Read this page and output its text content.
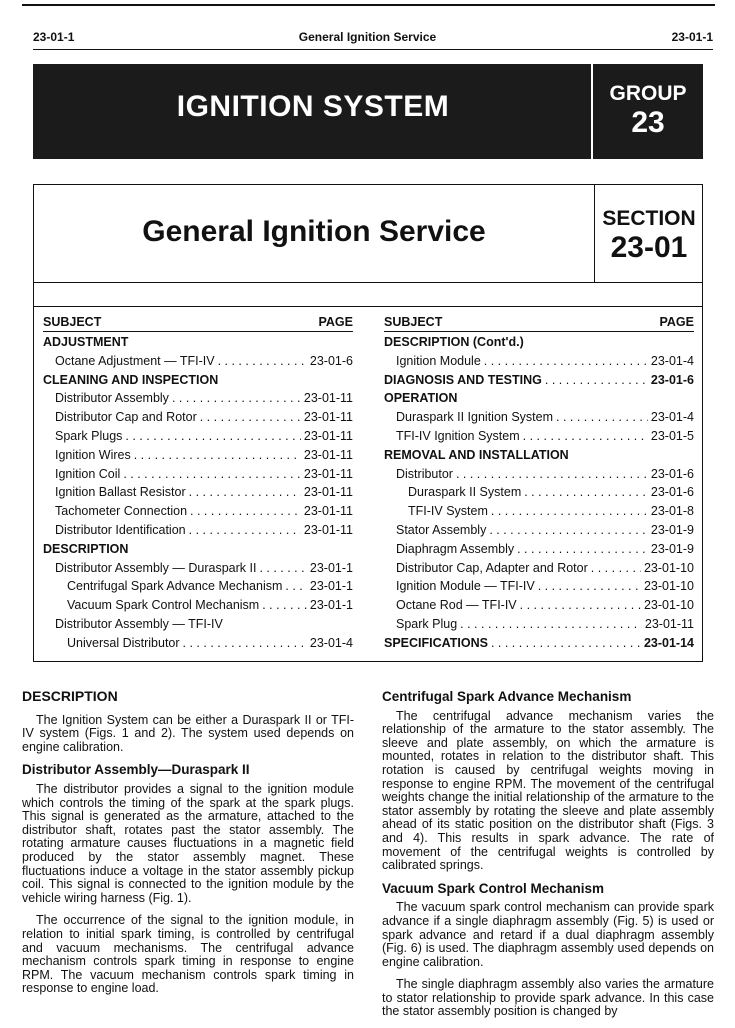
23-01-1	General Ignition Service	23-01-1
IGNITION SYSTEM	GROUP
23
General Ignition Service	SECTION
23-01
SUBJECT	PAGE
ADJUSTMENT
Octane Adjustment — TFI-IV . . .	23-01-6
CLEANING AND INSPECTION
Distributor Assembly . . .	23-01-11
Distributor Cap and Rotor . . .	23-01-11
Spark Plugs . . .	23-01-11
Ignition Wires . . .	23-01-11
Ignition Coil . . .	23-01-11
Ignition Ballast Resistor . . .	23-01-11
Tachometer Connection . . .	23-01-11
Distributor Identification . . .	23-01-11
DESCRIPTION
Distributor Assembly — Duraspark II . . .	23-01-1
Centrifugal Spark Advance Mechanism . . . 23-01-1
Vacuum Spark Control Mechanism . . .	23-01-1
Distributor Assembly — TFI-IV
Universal Distributor . . .	23-01-4
SUBJECT	PAGE
DESCRIPTION (Cont'd.)
Ignition Module . . .	23-01-4
DIAGNOSIS AND TESTING . . .	23-01-6
OPERATION
Duraspark II Ignition System . . .	23-01-4
TFI-IV Ignition System . . .	23-01-5
REMOVAL AND INSTALLATION
Distributor . . .	23-01-6
Duraspark II System . . .	23-01-6
TFI-IV System . . .	23-01-8
Stator Assembly . . .	23-01-9
Diaphragm Assembly . . .	23-01-9
Distributor Cap, Adapter and Rotor . . .	23-01-10
Ignition Module — TFI-IV . . .	23-01-10
Octane Rod — TFI-IV . . .	23-01-10
Spark Plug . . .	23-01-11
SPECIFICATIONS . . .	23-01-14
DESCRIPTION

The Ignition System can be either a Duraspark II or TFI-IV system (Figs. 1 and 2). The system used depends on engine calibration.

Distributor Assembly—Duraspark II

The distributor provides a signal to the ignition module which controls the timing of the spark at the spark plugs. This signal is generated as the armature, attached to the distributor shaft, rotates past the stator assembly. The rotating armature causes fluctuations in a magnetic field produced by the stator assembly magnet. These fluctuations induce a voltage in the stator assembly pickup coil. This signal is connected to the ignition module by the vehicle wiring harness (Fig. 1).

The occurrence of the signal to the ignition module, in relation to initial spark timing, is controlled by centrifugal and vacuum mechanisms. The centrifugal advance mechanism controls spark timing in response to engine RPM. The vacuum mechanism controls spark timing in response to engine load.

Centrifugal Spark Advance Mechanism

The centrifugal advance mechanism varies the relationship of the armature to the stator assembly. The sleeve and plate assembly, on which the armature is mounted, rotates in relation to the distributor shaft. This rotation is caused by centrifugal weights moving in response to engine RPM. The movement of the centrifugal weights change the initial relationship of the armature to the stator assembly by rotating the sleeve and plate assembly ahead of its static position on the distributor shaft (Figs. 3 and 4). This results in spark advance. The rate of movement of the centrifugal weights is controlled by calibrated springs.

Vacuum Spark Control Mechanism

The vacuum spark control mechanism can provide spark advance if a single diaphragm assembly (Fig. 5) is used or spark advance and retard if a dual diaphragm assembly (Fig. 6) is used. The diaphragm assembly used depends on engine calibration.

The single diaphragm assembly also varies the armature to stator relationship to provide spark advance. In this case the stator assembly position is changed by
